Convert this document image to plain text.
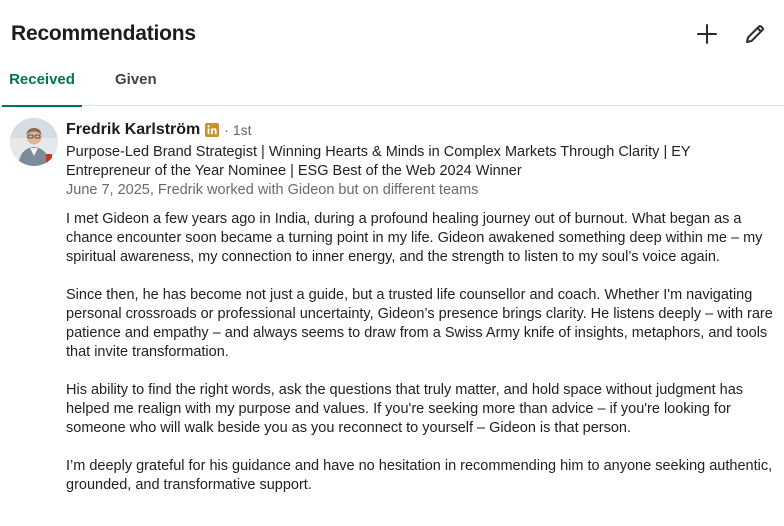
Recommendations
Received	Given
Fredrik Karlström · 1st
Purpose-Led Brand Strategist | Winning Hearts & Minds in Complex Markets Through Clarity | EY Entrepreneur of the Year Nominee | ESG Best of the Web 2024 Winner
June 7, 2025, Fredrik worked with Gideon but on different teams

I met Gideon a few years ago in India, during a profound healing journey out of burnout. What began as a chance encounter soon became a turning point in my life. Gideon awakened something deep within me – my spiritual awareness, my connection to inner energy, and the strength to listen to my soul’s voice again.

Since then, he has become not just a guide, but a trusted life counsellor and coach. Whether I'm navigating personal crossroads or professional uncertainty, Gideon’s presence brings clarity. He listens deeply – with rare patience and empathy – and always seems to draw from a Swiss Army knife of insights, metaphors, and tools that invite transformation.

His ability to find the right words, ask the questions that truly matter, and hold space without judgment has helped me realign with my purpose and values. If you're seeking more than advice – if you're looking for someone who will walk beside you as you reconnect to yourself – Gideon is that person.

I’m deeply grateful for his guidance and have no hesitation in recommending him to anyone seeking authentic, grounded, and transformative support.
